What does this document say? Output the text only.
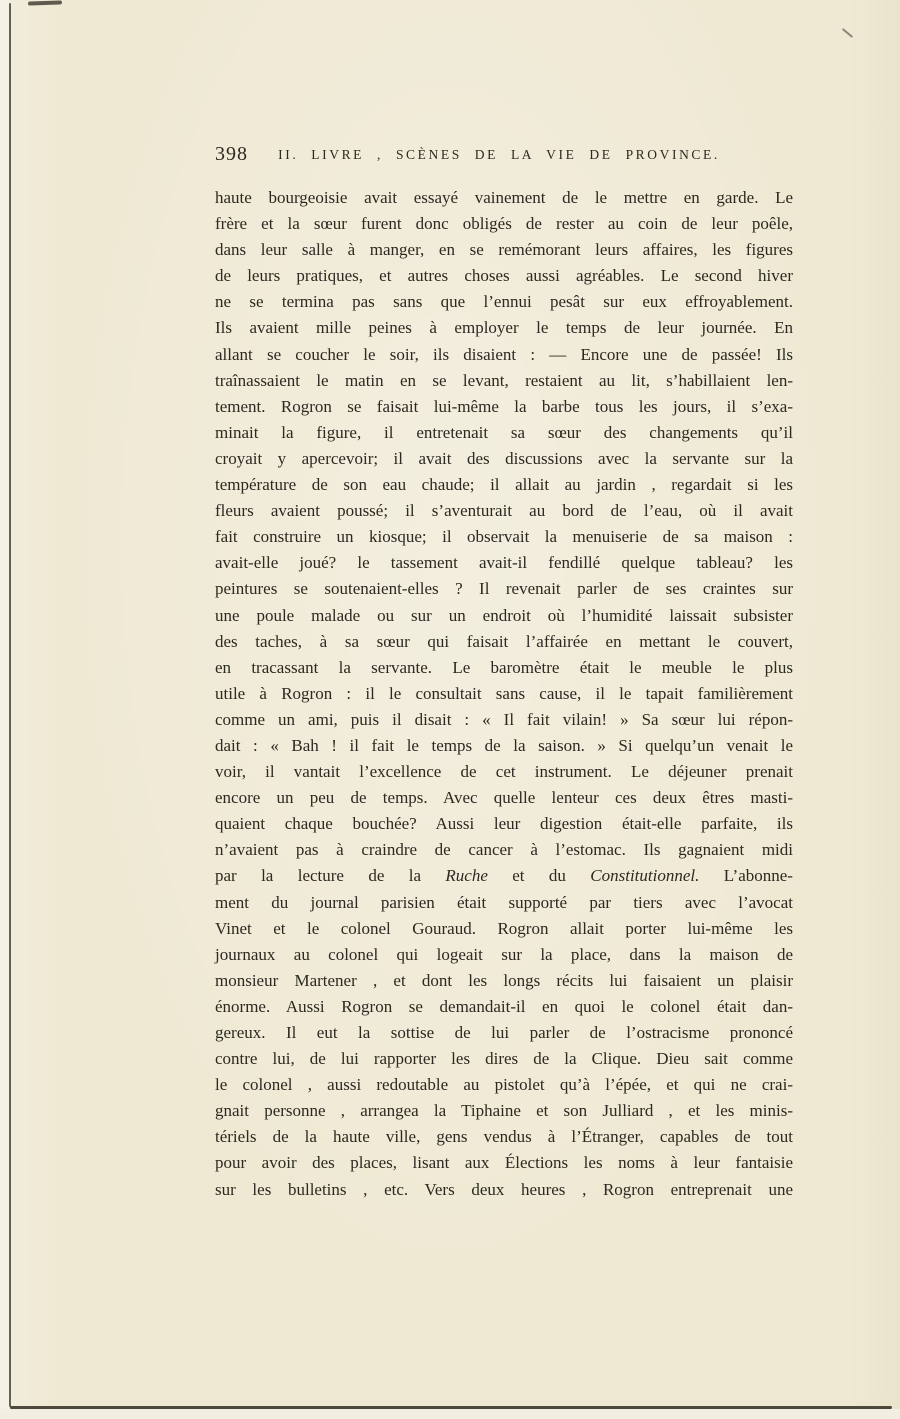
398	II. LIVRE , SCÈNES DE LA VIE DE PROVINCE.
haute bourgeoisie avait essayé vainement de le mettre en garde. Le
frère et la sœur furent donc obligés de rester au coin de leur poêle,
dans leur salle à manger, en se remémorant leurs affaires, les figures
de leurs pratiques, et autres choses aussi agréables. Le second hiver
ne se termina pas sans que l’ennui pesât sur eux effroyablement.
Ils avaient mille peines à employer le temps de leur journée. En
allant se coucher le soir, ils disaient : — Encore une de passée! Ils
traînassaient le matin en se levant, restaient au lit, s’habillaient len-
tement. Rogron se faisait lui-même la barbe tous les jours, il s’exa-
minait la figure, il entretenait sa sœur des changements qu’il
croyait y apercevoir; il avait des discussions avec la servante sur la
température de son eau chaude; il allait au jardin , regardait si les
fleurs avaient poussé; il s’aventurait au bord de l’eau, où il avait
fait construire un kiosque; il observait la menuiserie de sa maison :
avait-elle joué? le tassement avait-il fendillé quelque tableau? les
peintures se soutenaient-elles ? Il revenait parler de ses craintes sur
une poule malade ou sur un endroit où l’humidité laissait subsister
des taches, à sa sœur qui faisait l’affairée en mettant le couvert,
en tracassant la servante. Le baromètre était le meuble le plus
utile à Rogron : il le consultait sans cause, il le tapait familièrement
comme un ami, puis il disait : « Il fait vilain! » Sa sœur lui répon-
dait : « Bah ! il fait le temps de la saison. » Si quelqu’un venait le
voir, il vantait l’excellence de cet instrument. Le déjeuner prenait
encore un peu de temps. Avec quelle lenteur ces deux êtres masti-
quaient chaque bouchée? Aussi leur digestion était-elle parfaite, ils
n’avaient pas à craindre de cancer à l’estomac. Ils gagnaient midi
par la lecture de la Ruche et du Constitutionnel. L’abonne-
ment du journal parisien était supporté par tiers avec l’avocat
Vinet et le colonel Gouraud. Rogron allait porter lui-même les
journaux au colonel qui logeait sur la place, dans la maison de
monsieur Martener , et dont les longs récits lui faisaient un plaisir
énorme. Aussi Rogron se demandait-il en quoi le colonel était dan-
gereux. Il eut la sottise de lui parler de l’ostracisme prononcé
contre lui, de lui rapporter les dires de la Clique. Dieu sait comme
le colonel , aussi redoutable au pistolet qu’à l’épée, et qui ne crai-
gnait personne , arrangea la Tiphaine et son Julliard , et les minis-
tériels de la haute ville, gens vendus à l’Étranger, capables de tout
pour avoir des places, lisant aux Élections les noms à leur fantaisie
sur les bulletins , etc. Vers deux heures , Rogron entreprenait une
